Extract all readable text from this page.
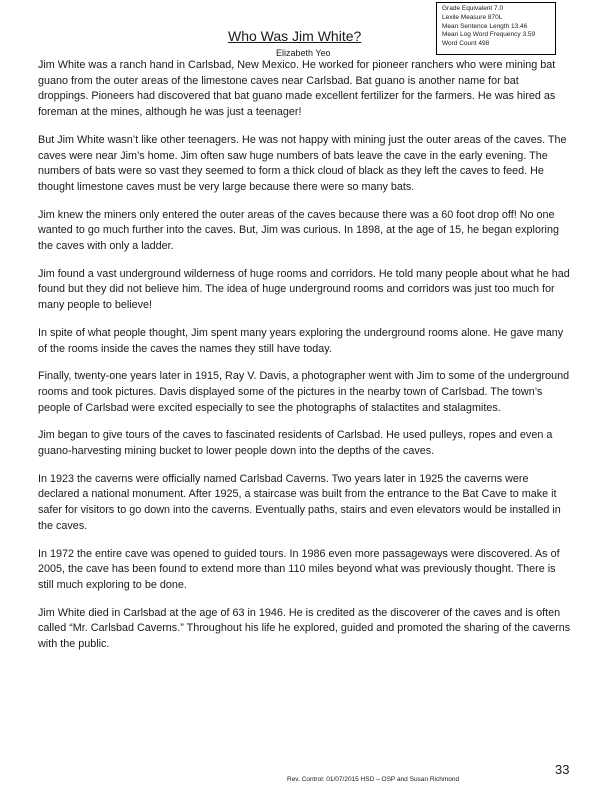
Who Was Jim White?
Elizabeth Yeo
Grade Equivalent 7.0
Lexile Measure 870L
Mean Sentence Length 13.46
Mean Log Word Frequency 3.59
Word Count 498

Jim White was a ranch hand in Carlsbad, New Mexico. He worked for pioneer ranchers who were mining bat guano from the outer areas of the limestone caves near Carlsbad. Bat guano is another name for bat droppings. Pioneers had discovered that bat guano made excellent fertilizer for the farmers. He was hired as foreman at the mines, although he was just a teenager!

But Jim White wasn’t like other teenagers. He was not happy with mining just the outer areas of the caves. The caves were near Jim’s home. Jim often saw huge numbers of bats leave the cave in the early evening. The numbers of bats were so vast they seemed to form a thick cloud of black as they left the caves to feed. He thought limestone caves must be very large because there were so many bats.

Jim knew the miners only entered the outer areas of the caves because there was a 60 foot drop off! No one wanted to go much further into the caves. But, Jim was curious. In 1898, at the age of 15, he began exploring the caves with only a ladder.

Jim found a vast underground wilderness of huge rooms and corridors. He told many people about what he had found but they did not believe him. The idea of huge underground rooms and corridors was just too much for many people to believe!

In spite of what people thought, Jim spent many years exploring the underground rooms alone. He gave many of the rooms inside the caves the names they still have today.

Finally, twenty-one years later in 1915, Ray V. Davis, a photographer went with Jim to some of the underground rooms and took pictures. Davis displayed some of the pictures in the nearby town of Carlsbad. The town’s people of Carlsbad were excited especially to see the photographs of stalactites and stalagmites.

Jim began to give tours of the caves to fascinated residents of Carlsbad. He used pulleys, ropes and even a guano-harvesting mining bucket to lower people down into the depths of the caves.

In 1923 the caverns were officially named Carlsbad Caverns. Two years later in 1925 the caverns were declared a national monument. After 1925, a staircase was built from the entrance to the Bat Cave to make it safer for visitors to go down into the caverns. Eventually paths, stairs and even elevators would be installed in the caves.

In 1972 the entire cave was opened to guided tours. In 1986 even more passageways were discovered. As of 2005, the cave has been found to extend more than 110 miles beyond what was previously thought. There is still much exploring to be done.

Jim White died in Carlsbad at the age of 63 in 1946. He is credited as the discoverer of the caves and is often called “Mr. Carlsbad Caverns.” Throughout his life he explored, guided and promoted the sharing of the caverns with the public.

Rev. Control: 01/07/2015 HSD – OSP and Susan Richmond
33
